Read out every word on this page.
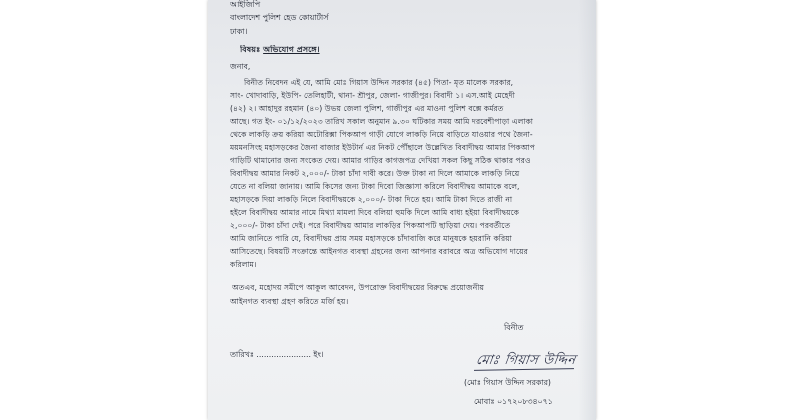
আইজিপি
বাংলাদেশ পুলিশ হেড কোয়ার্টার্স
ঢাকা।
বিষয়ঃ অভিযোগ প্রসঙ্গে।
জনাব,
বিনীত নিবেদন এই যে, আমি মোঃ গিয়াস উদ্দিন সরকার (৪৫) পিতা- মৃত মালেক সরকার,
সাং- খোদাবাড়ি, ইউপি- তেলিহাটী, থানা- শ্রীপুর, জেলা- গাজীপুর। বিবাদী ১। এস.আই মেহেদী
(৪২) ২। আহাদুর রহমান (৪০) উভয় জেলা পুলিশ, গাজীপুর এর মাওনা পুলিশ বক্সে কর্মরত
আছে। গত ইং- ০১/১২/২০২৩ তারিখ সকাল অনুমান ৯.৩০ ঘটিকার সময় আমি দরবেশীপাড়া এলাকা
থেকে লাকড়ি ক্রয় করিয়া অটোরিক্সা পিকআপ গাড়ী যোগে লাকড়ি নিয়ে বাড়িতে যাওয়ার পথে জৈনা-
ময়মনসিংহ মহাসড়কের জৈনা বাজার ইউটার্ন এর নিকট পৌঁছালে উল্লেখিত বিবাদীদ্বয় আমার পিকআপ
গাড়িটি থামানোর জন্য সংকেত দেয়। আমার গাড়ির কাগজপত্র দেখিয়া সকল কিছু সঠিক থাকার পরও
বিবাদীদ্বয় আমার নিকট ২,০০০/- টাকা চাঁদা দাবী করে। উক্ত টাকা না দিলে আমাকে লাকড়ি নিয়ে
যেতে না বলিয়া জানায়। আমি কিসের জন্য টাকা দিবো জিজ্ঞাসা করিলে বিবাদীদ্বয় আমাকে বলে,
মহাসড়কে দিয়া লাকড়ি নিলে বিবাদীদ্বয়কে ২,০০০/- টাকা দিতে হয়। আমি টাকা দিতে রাজী না
হইলে বিবাদীদ্বয় আমার নামে মিথ্যা মামলা দিবে বলিয়া হুমকি দিলে আমি বাধ্য হইয়া বিবাদীদ্বয়কে
২,০০০/- টাকা চাঁদা দেই। পরে বিবাদীদ্বয় আমার লাকড়ির পিকআপটি ছাড়িয়া দেয়। পরবর্তীতে
আমি জানিতে পারি যে, বিবাদীদ্বয় প্রায় সময় মহাসড়কে চাঁদাবাজি করে মানুষকে হয়রানি করিয়া
আসিতেছে। বিষয়টি সংক্রান্তে আইনগত ব্যবস্থা গ্রহনের জন্য আপনার বরাবরে অত্র অভিযোগ দায়ের
করিলাম।
অতএব, মহোদয় সমীপে আকুল আবেদন, উপরোক্ত বিবাদীদ্বয়ের বিরুদ্ধে প্রয়োজনীয়
আইনগত ব্যবস্থা গ্রহণ করিতে মর্জি হয়।
বিনীত
তারিখঃ ...................... ইং।	মোঃ গিয়াস উদ্দিন
(মোঃ গিয়াস উদ্দিন সরকার)
মোবাঃ ০১৭২০৮৩৪০৭১
